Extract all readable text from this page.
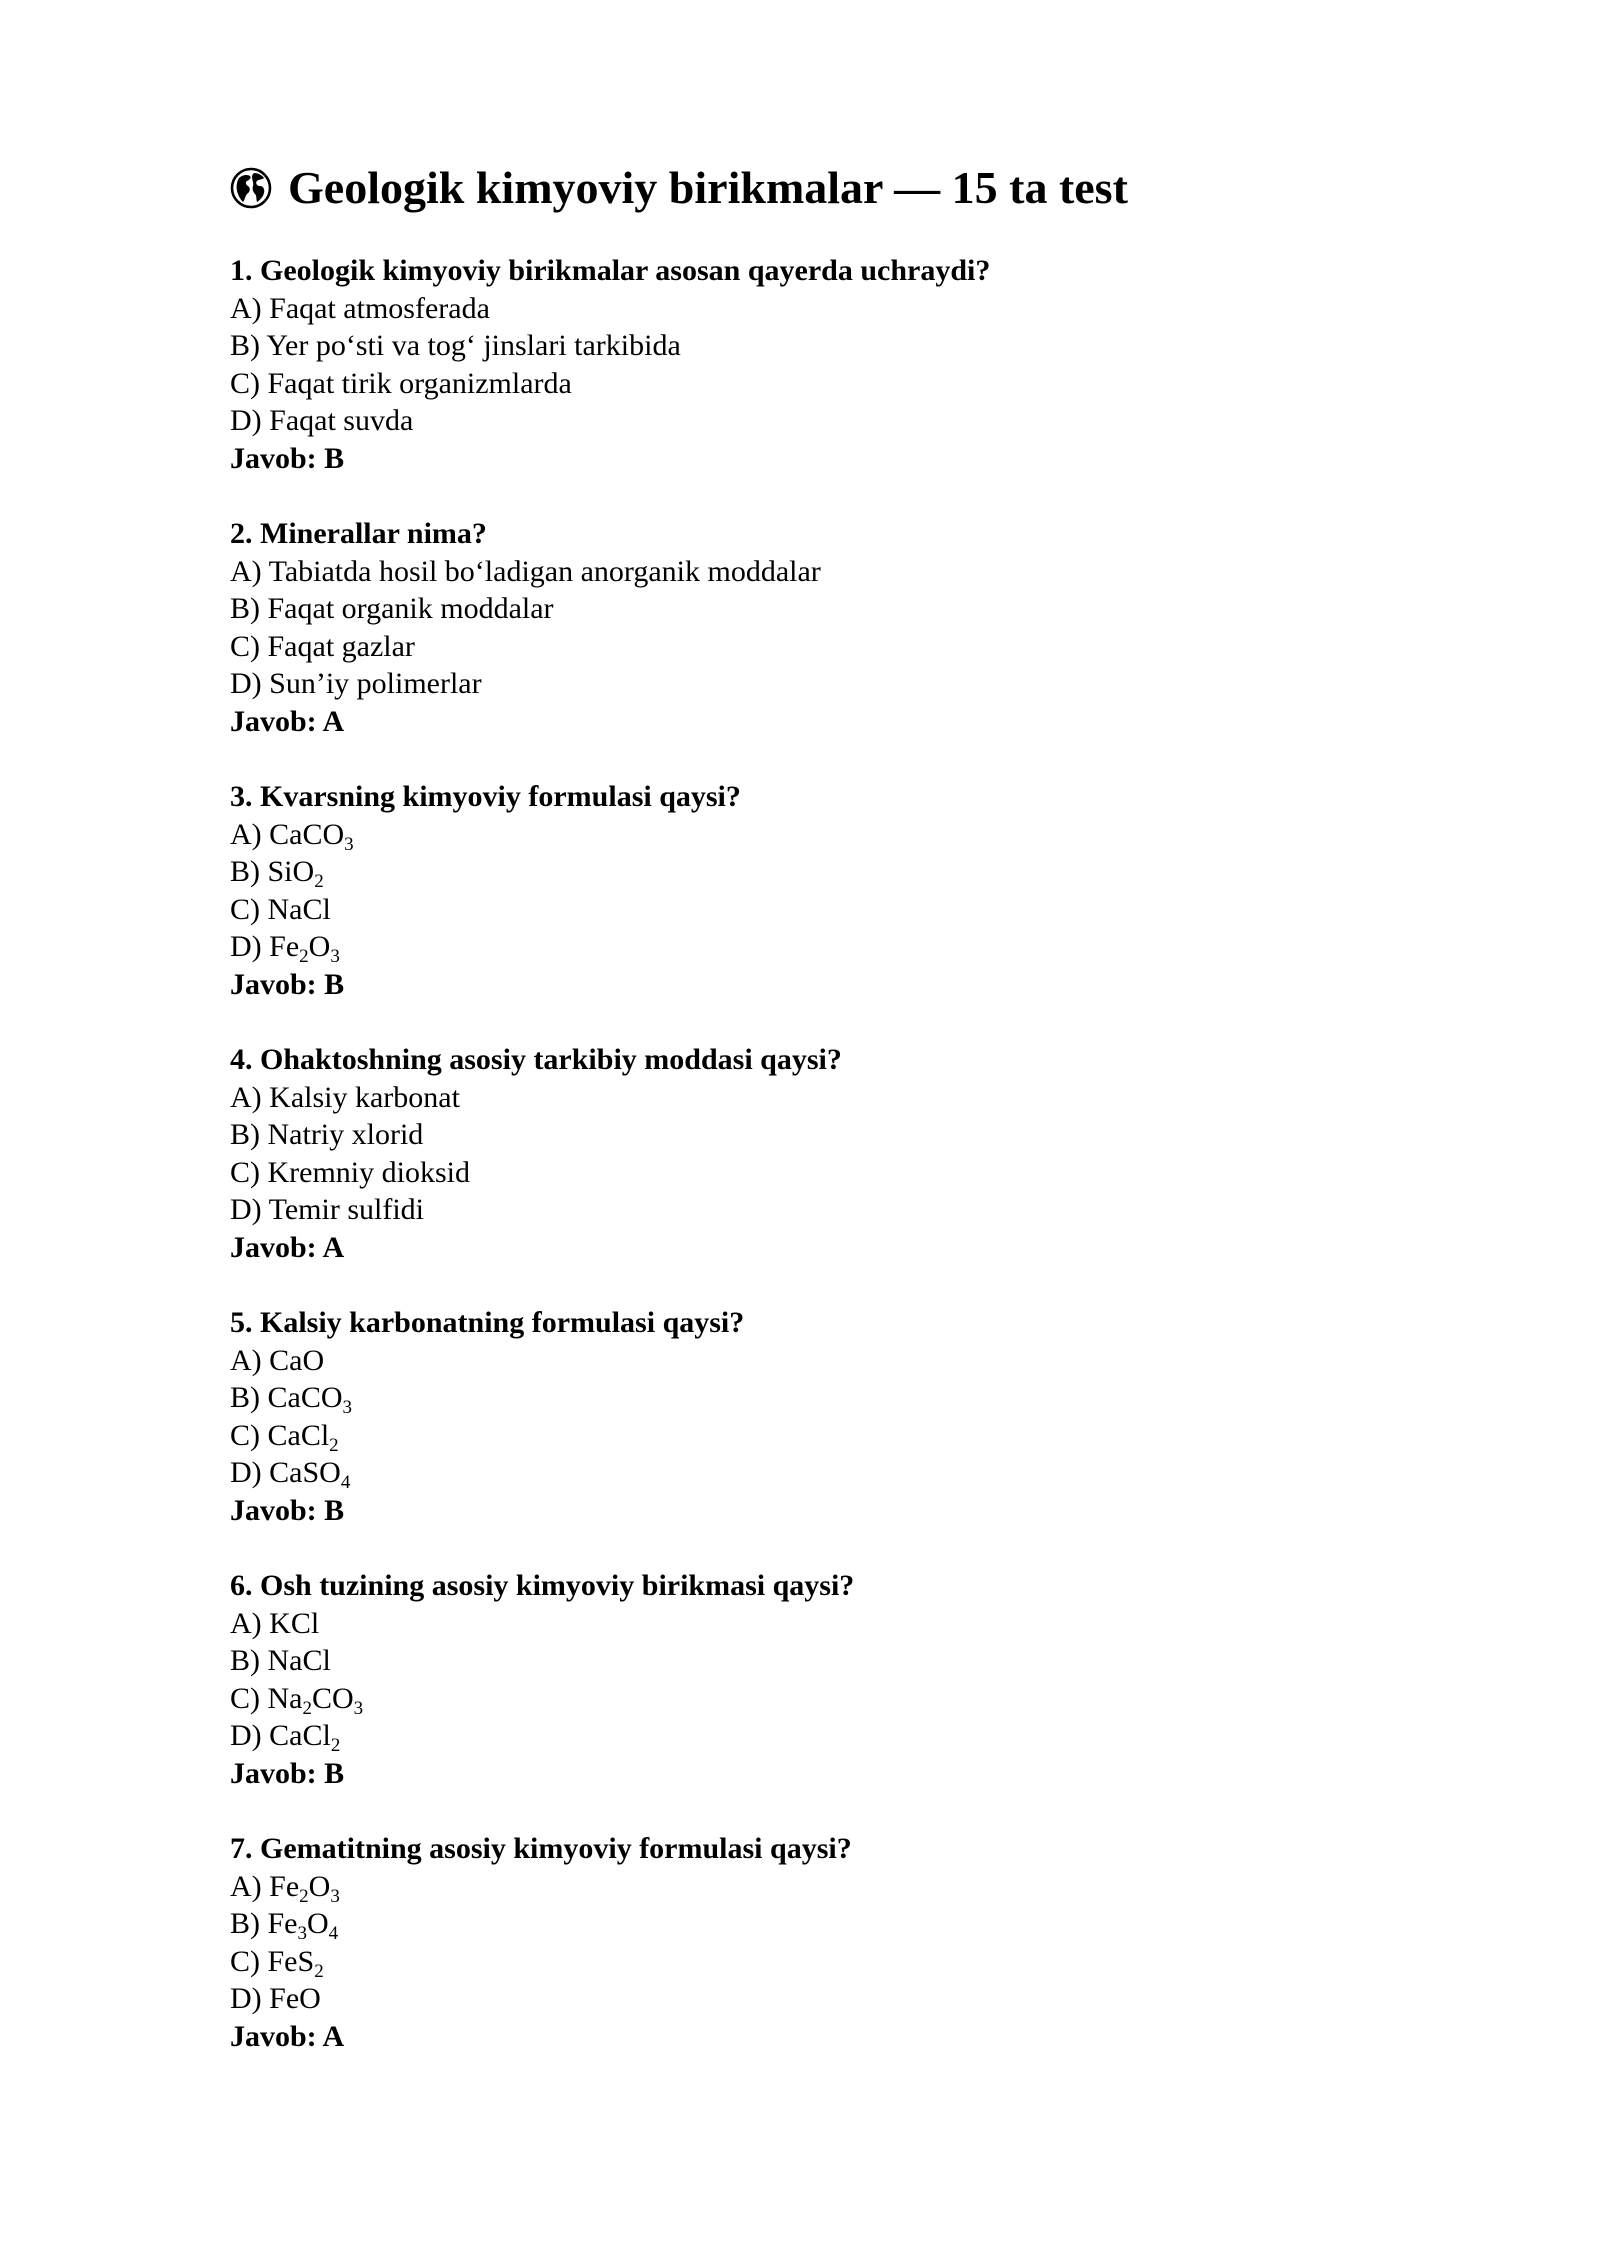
Geologik kimyoviy birikmalar — 15 ta test
1. Geologik kimyoviy birikmalar asosan qayerda uchraydi?
A) Faqat atmosferada
B) Yer po‘sti va tog‘ jinslari tarkibida
C) Faqat tirik organizmlarda
D) Faqat suvda
Javob: B
2. Minerallar nima?
A) Tabiatda hosil bo‘ladigan anorganik moddalar
B) Faqat organik moddalar
C) Faqat gazlar
D) Sun’iy polimerlar
Javob: A
3. Kvarsning kimyoviy formulasi qaysi?
A) CaCO$_3$
B) SiO$_2$
C) NaCl
D) $Fe_2O_3$
Javob: B
4. Ohaktoshning asosiy tarkibiy moddasi qaysi?
A) Kalsiy karbonat
B) Natriy xlorid
C) Kremniy dioksid
D) Temir sulfidi
Javob: A
5. Kalsiy karbonatning formulasi qaysi?
A) CaO
B) CaCO$_3$
C) CaCl$_2$
D) CaSO$_4$
Javob: B
6. Osh tuzining asosiy kimyoviy birikmasi qaysi?
A) KCl
B) NaCl
C) $Na_2CO_3$
D) CaCl$_2$
Javob: B
7. Gematitning asosiy kimyoviy formulasi qaysi?
A) $Fe_2O_3$
B) $Fe_3O_4$
C) FeS$_2$
D) FeO
Javob: A
